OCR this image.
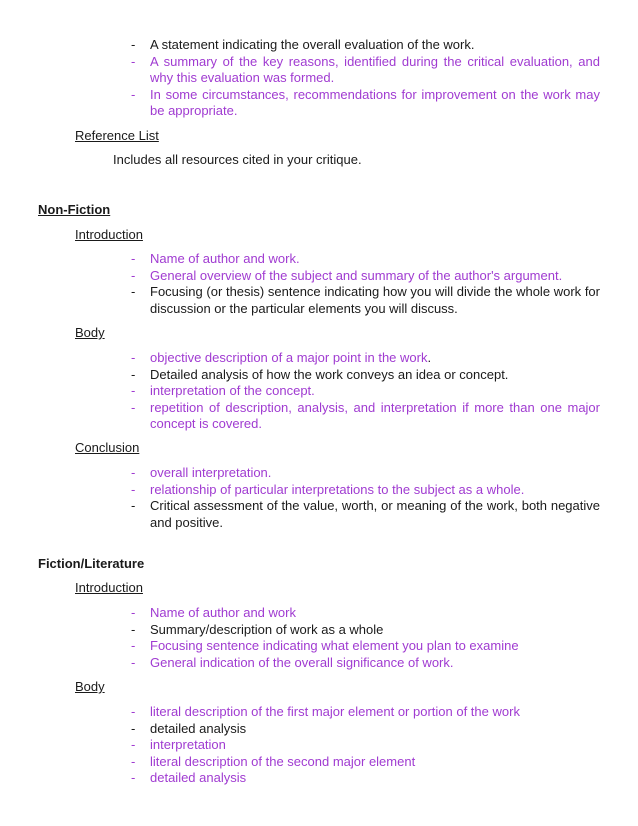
- A statement indicating the overall evaluation of the work.
- A summary of the key reasons, identified during the critical evaluation, and why this evaluation was formed.
- In some circumstances, recommendations for improvement on the work may be appropriate.
Reference List
Includes all resources cited in your critique.
Non-Fiction
Introduction
- Name of author and work.
- General overview of the subject and summary of the author's argument.
- Focusing (or thesis) sentence indicating how you will divide the whole work for discussion or the particular elements you will discuss.
Body
- objective description of a major point in the work.
- Detailed analysis of how the work conveys an idea or concept.
- interpretation of the concept.
- repetition of description, analysis, and interpretation if more than one major concept is covered.
Conclusion
- overall interpretation.
- relationship of particular interpretations to the subject as a whole.
- Critical assessment of the value, worth, or meaning of the work, both negative and positive.
Fiction/Literature
Introduction
- Name of author and work
- Summary/description of work as a whole
- Focusing sentence indicating what element you plan to examine
- General indication of the overall significance of work.
Body
- literal description of the first major element or portion of the work
- detailed analysis
- interpretation
- literal description of the second major element
- detailed analysis
